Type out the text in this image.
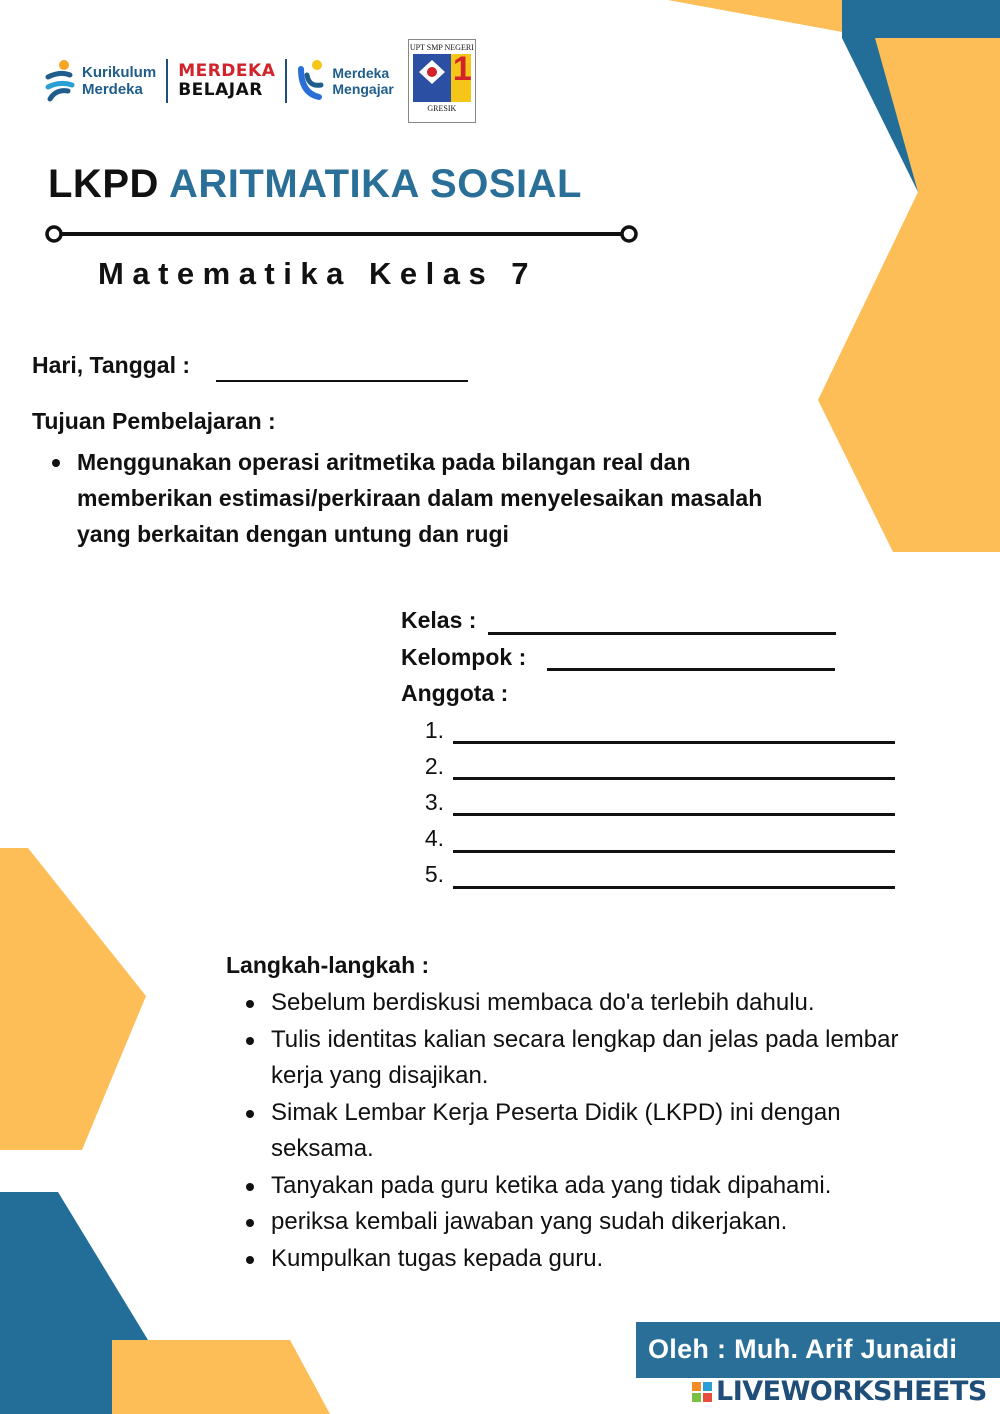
Kurikulum
Merdeka
MERDEKA
BELAJAR
Merdeka
Mengajar
UPT SMP NEGERI
1
GRESIK
LKPD ARITMATIKA SOSIAL
Matematika Kelas 7
Hari, Tanggal :
Tujuan Pembelajaran :
Menggunakan operasi aritmetika pada bilangan real dan memberikan estimasi/perkiraan dalam menyelesaikan masalah yang berkaitan dengan untung dan rugi
Kelas :
Kelompok :
Anggota :
1.
2.
3.
4.
5.
Langkah-langkah :
Sebelum berdiskusi membaca do'a terlebih dahulu.
Tulis identitas kalian secara lengkap dan jelas pada lembar kerja yang disajikan.
Simak Lembar Kerja Peserta Didik (LKPD) ini dengan seksama.
Tanyakan pada guru ketika ada yang tidak dipahami.
periksa kembali jawaban yang sudah dikerjakan.
Kumpulkan tugas kepada guru.
Oleh : Muh. Arif Junaidi
LIVEWORKSHEETS
